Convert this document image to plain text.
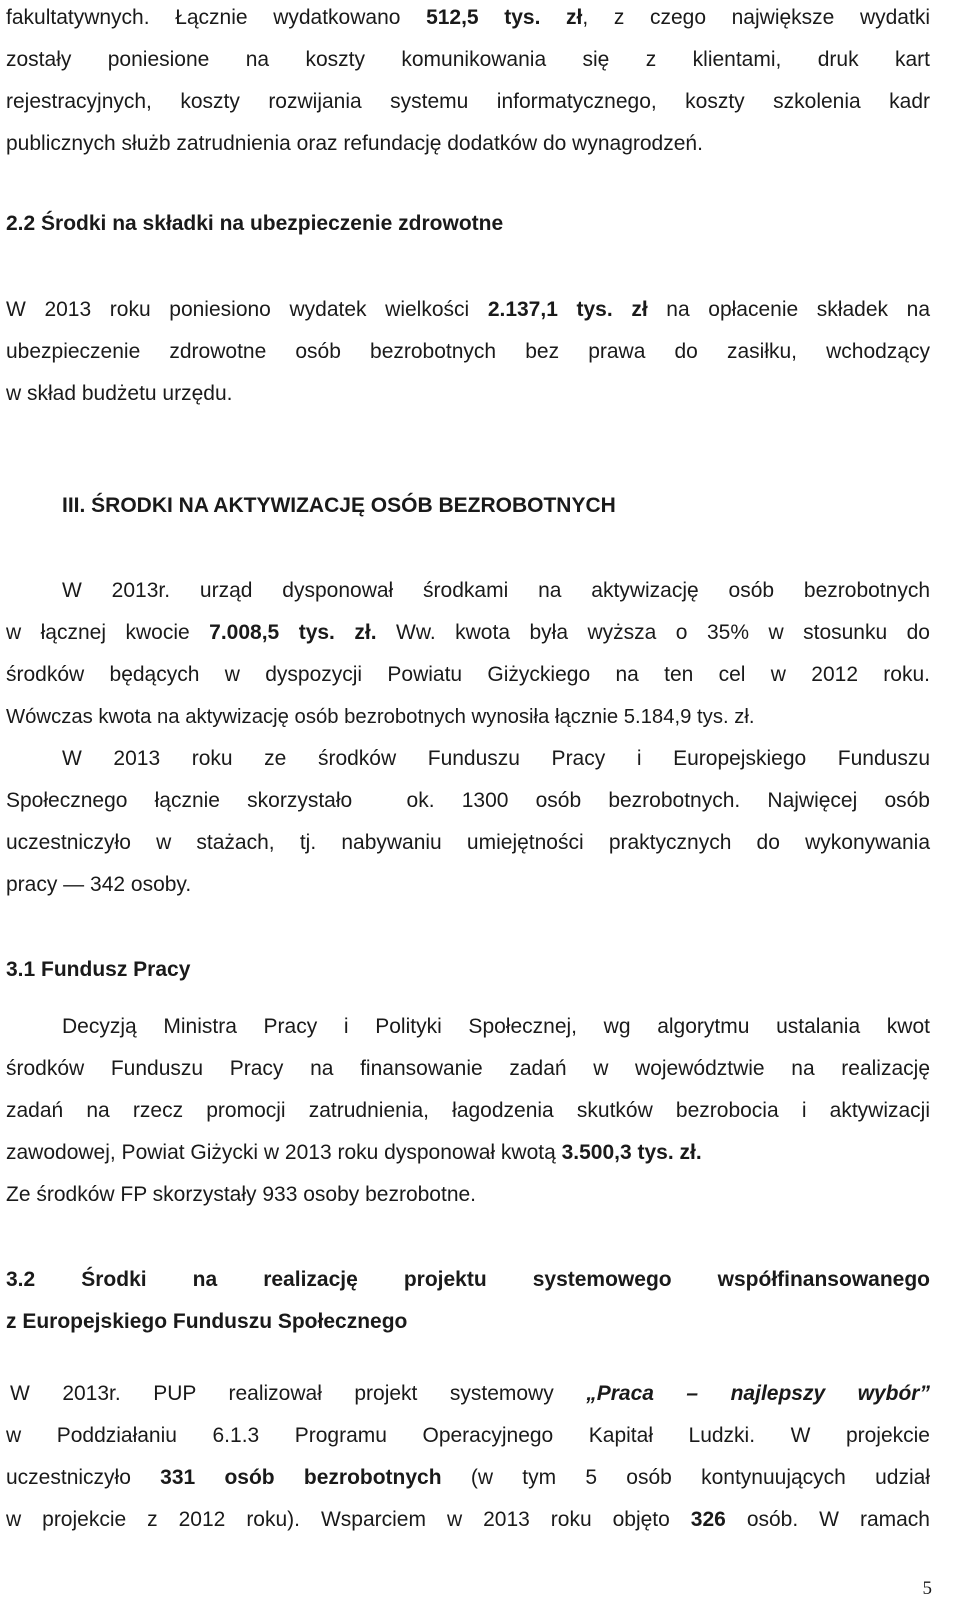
fakultatywnych. Łącznie wydatkowano 512,5 tys. zł, z czego największe wydatki
zostały poniesione na koszty komunikowania się z klientami, druk kart
rejestracyjnych, koszty rozwijania systemu informatycznego, koszty szkolenia kadr
publicznych służb zatrudnienia oraz refundację dodatków do wynagrodzeń.
2.2 Środki na składki na ubezpieczenie zdrowotne
W 2013 roku poniesiono wydatek wielkości 2.137,1 tys. zł na opłacenie składek na
ubezpieczenie zdrowotne osób bezrobotnych bez prawa do zasiłku, wchodzący
w skład budżetu urzędu.
III. ŚRODKI NA AKTYWIZACJĘ OSÓB BEZROBOTNYCH
W 2013r. urząd dysponował środkami na aktywizację osób bezrobotnych
w łącznej kwocie 7.008,5 tys. zł. Ww. kwota była wyższa o 35% w stosunku do
środków będących w dyspozycji Powiatu Giżyckiego na ten cel w 2012 roku.
Wówczas kwota na aktywizację osób bezrobotnych wynosiła łącznie 5.184,9 tys. zł.
W 2013 roku ze środków Funduszu Pracy i Europejskiego Funduszu
Społecznego łącznie skorzystało  ok. 1300 osób bezrobotnych. Najwięcej osób
uczestniczyło w stażach, tj. nabywaniu umiejętności praktycznych do wykonywania
pracy — 342 osoby.
3.1 Fundusz Pracy
Decyzją Ministra Pracy i Polityki Społecznej, wg algorytmu ustalania kwot
środków Funduszu Pracy na finansowanie zadań w województwie na realizację
zadań na rzecz promocji zatrudnienia, łagodzenia skutków bezrobocia i aktywizacji
zawodowej, Powiat Giżycki w 2013 roku dysponował kwotą 3.500,3 tys. zł.
Ze środków FP skorzystały 933 osoby bezrobotne.
3.2 Środki na realizację projektu systemowego współfinansowanego
z Europejskiego Funduszu Społecznego
W 2013r. PUP realizował projekt systemowy „Praca – najlepszy wybór”
w Poddziałaniu 6.1.3 Programu Operacyjnego Kapitał Ludzki. W projekcie
uczestniczyło 331 osób bezrobotnych (w tym 5 osób kontynuujących udział
w projekcie z 2012 roku). Wsparciem w 2013 roku objęto 326 osób. W ramach
5
